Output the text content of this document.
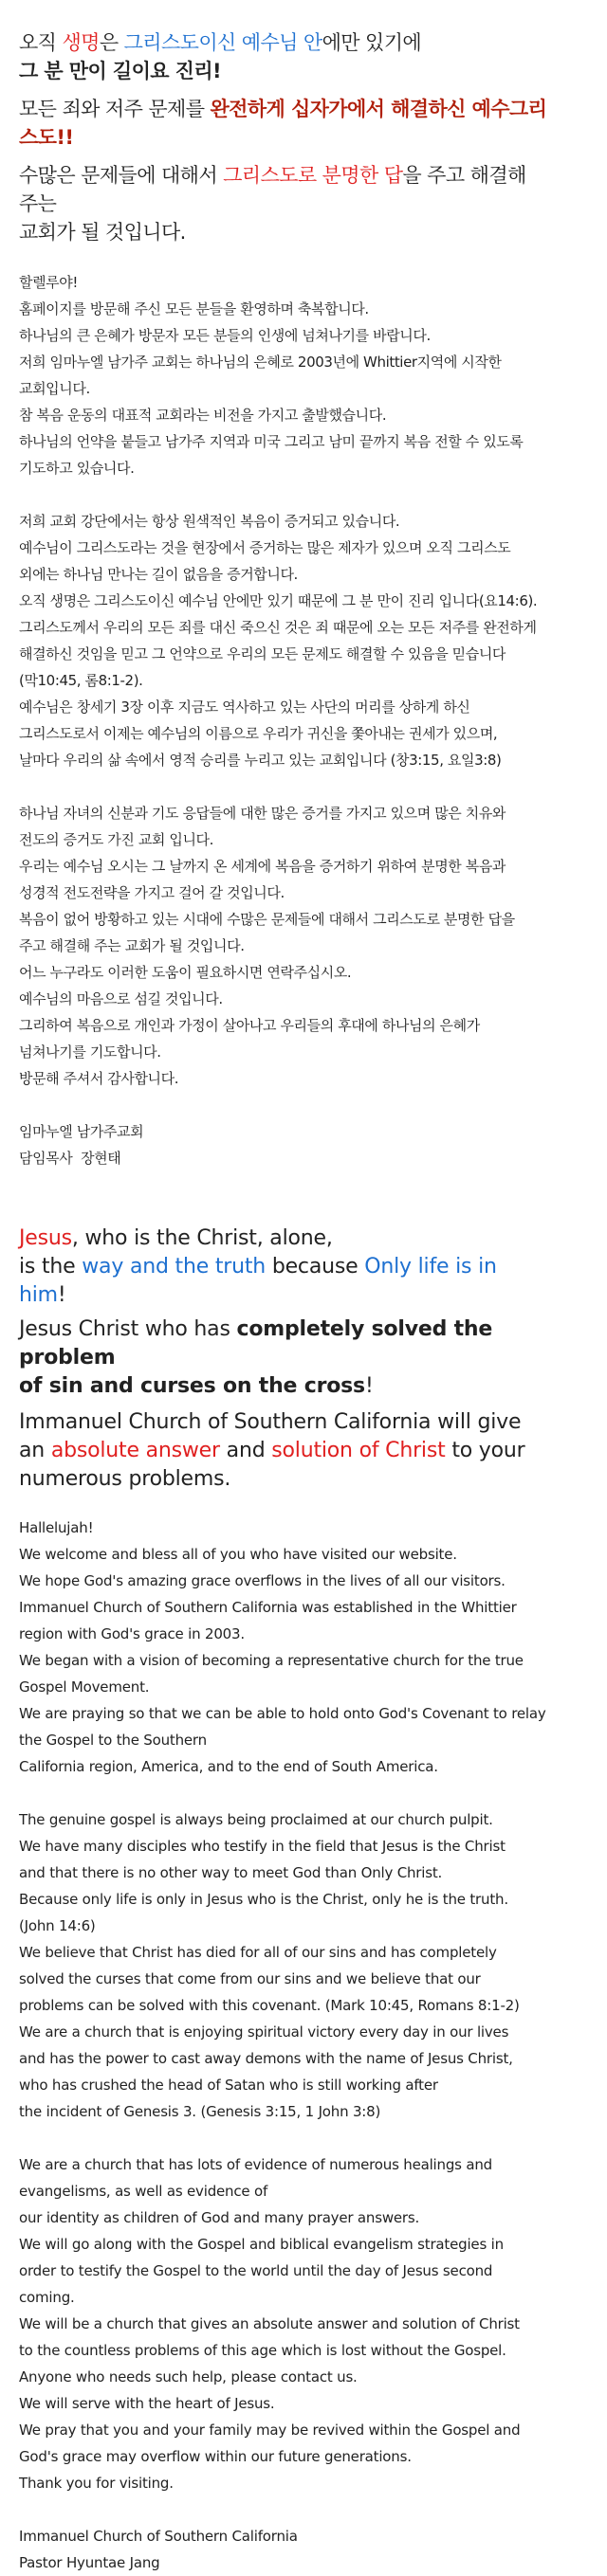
오직 생명은 그리스도이신 예수님 안에만 있기에
그 분 만이 길이요 진리!
모든 죄와 저주 문제를 완전하게 십자가에서 해결하신 예수그리스도!!
수많은 문제들에 대해서 그리스도로 분명한 답을 주고 해결해 주는
교회가 될 것입니다.

할렐루야!

홈페이지를 방문해 주신 모든 분들을 환영하며 축복합니다.

하나님의 큰 은혜가 방문자 모든 분들의 인생에 넘쳐나기를 바랍니다.

저희 임마누엘 남가주 교회는 하나님의 은혜로 2003년에 Whittier지역에 시작한

교회입니다.

참 복음 운동의 대표적 교회라는 비전을 가지고 출발했습니다.

하나님의 언약을 붙들고 남가주 지역과 미국 그리고 남미 끝까지 복음 전할 수 있도록

기도하고 있습니다.

저희 교회 강단에서는 항상 원색적인 복음이 증거되고 있습니다.

예수님이 그리스도라는 것을 현장에서 증거하는 많은 제자가 있으며 오직 그리스도

외에는 하나님 만나는 길이 없음을 증거합니다.

오직 생명은 그리스도이신 예수님 안에만 있기 때문에 그 분 만이 진리 입니다(요14:6).

그리스도께서 우리의 모든 죄를 대신 죽으신 것은 죄 때문에 오는 모든 저주를 완전하게

해결하신 것임을 믿고 그 언약으로 우리의 모든 문제도 해결할 수 있음을 믿습니다

(막10:45, 롬8:1-2).

예수님은 창세기 3장 이후 지금도 역사하고 있는 사단의 머리를 상하게 하신

그리스도로서 이제는 예수님의 이름으로 우리가 귀신을 쫓아내는 권세가 있으며,

날마다 우리의 삶 속에서 영적 승리를 누리고 있는 교회입니다 (창3:15, 요일3:8)

하나님 자녀의 신분과 기도 응답들에 대한 많은 증거를 가지고 있으며 많은 치유와

전도의 증거도 가진 교회 입니다.

우리는 예수님 오시는 그 날까지 온 세계에 복음을 증거하기 위하여 분명한 복음과

성경적 전도전략을 가지고 걸어 갈 것입니다.

복음이 없어 방황하고 있는 시대에 수많은 문제들에 대해서 그리스도로 분명한 답을

주고 해결해 주는 교회가 될 것입니다.

어느 누구라도 이러한 도움이 필요하시면 연락주십시오.

예수님의 마음으로 섬길 것입니다.

그리하여 복음으로 개인과 가정이 살아나고 우리들의 후대에 하나님의 은혜가

넘쳐나기를 기도합니다.

방문해 주셔서 감사합니다.

임마누엘 남가주교회

담임목사  장현태

Jesus, who is the Christ, alone,
is the way and the truth because Only life is in him!
Jesus Christ who has completely solved the problem
of sin and curses on the cross!
Immanuel Church of Southern California will give
an absolute answer and solution of Christ to your
numerous problems.

Hallelujah!

We welcome and bless all of you who have visited our website.

We hope God's amazing grace overflows in the lives of all our visitors.

Immanuel Church of Southern California was established in the Whittier

region with God's grace in 2003.

We began with a vision of becoming a representative church for the true

Gospel Movement.

We are praying so that we can be able to hold onto God's Covenant to relay

the Gospel to the Southern

California region, America, and to the end of South America.

The genuine gospel is always being proclaimed at our church pulpit.

We have many disciples who testify in the field that Jesus is the Christ

and that there is no other way to meet God than Only Christ.

Because only life is only in Jesus who is the Christ, only he is the truth.

(John 14:6)

We believe that Christ has died for all of our sins and has completely

solved the curses that come from our sins and we believe that our

problems can be solved with this covenant. (Mark 10:45, Romans 8:1-2)

We are a church that is enjoying spiritual victory every day in our lives

and has the power to cast away demons with the name of Jesus Christ,

who has crushed the head of Satan who is still working after

the incident of Genesis 3. (Genesis 3:15, 1 John 3:8)

We are a church that has lots of evidence of numerous healings and

evangelisms, as well as evidence of

our identity as children of God and many prayer answers.

We will go along with the Gospel and biblical evangelism strategies in

order to testify the Gospel to the world until the day of Jesus second

coming.

We will be a church that gives an absolute answer and solution of Christ

to the countless problems of this age which is lost without the Gospel.

Anyone who needs such help, please contact us.

We will serve with the heart of Jesus.

We pray that you and your family may be revived within the Gospel and

God's grace may overflow within our future generations.

Thank you for visiting.

Immanuel Church of Southern California

Pastor Hyuntae Jang
